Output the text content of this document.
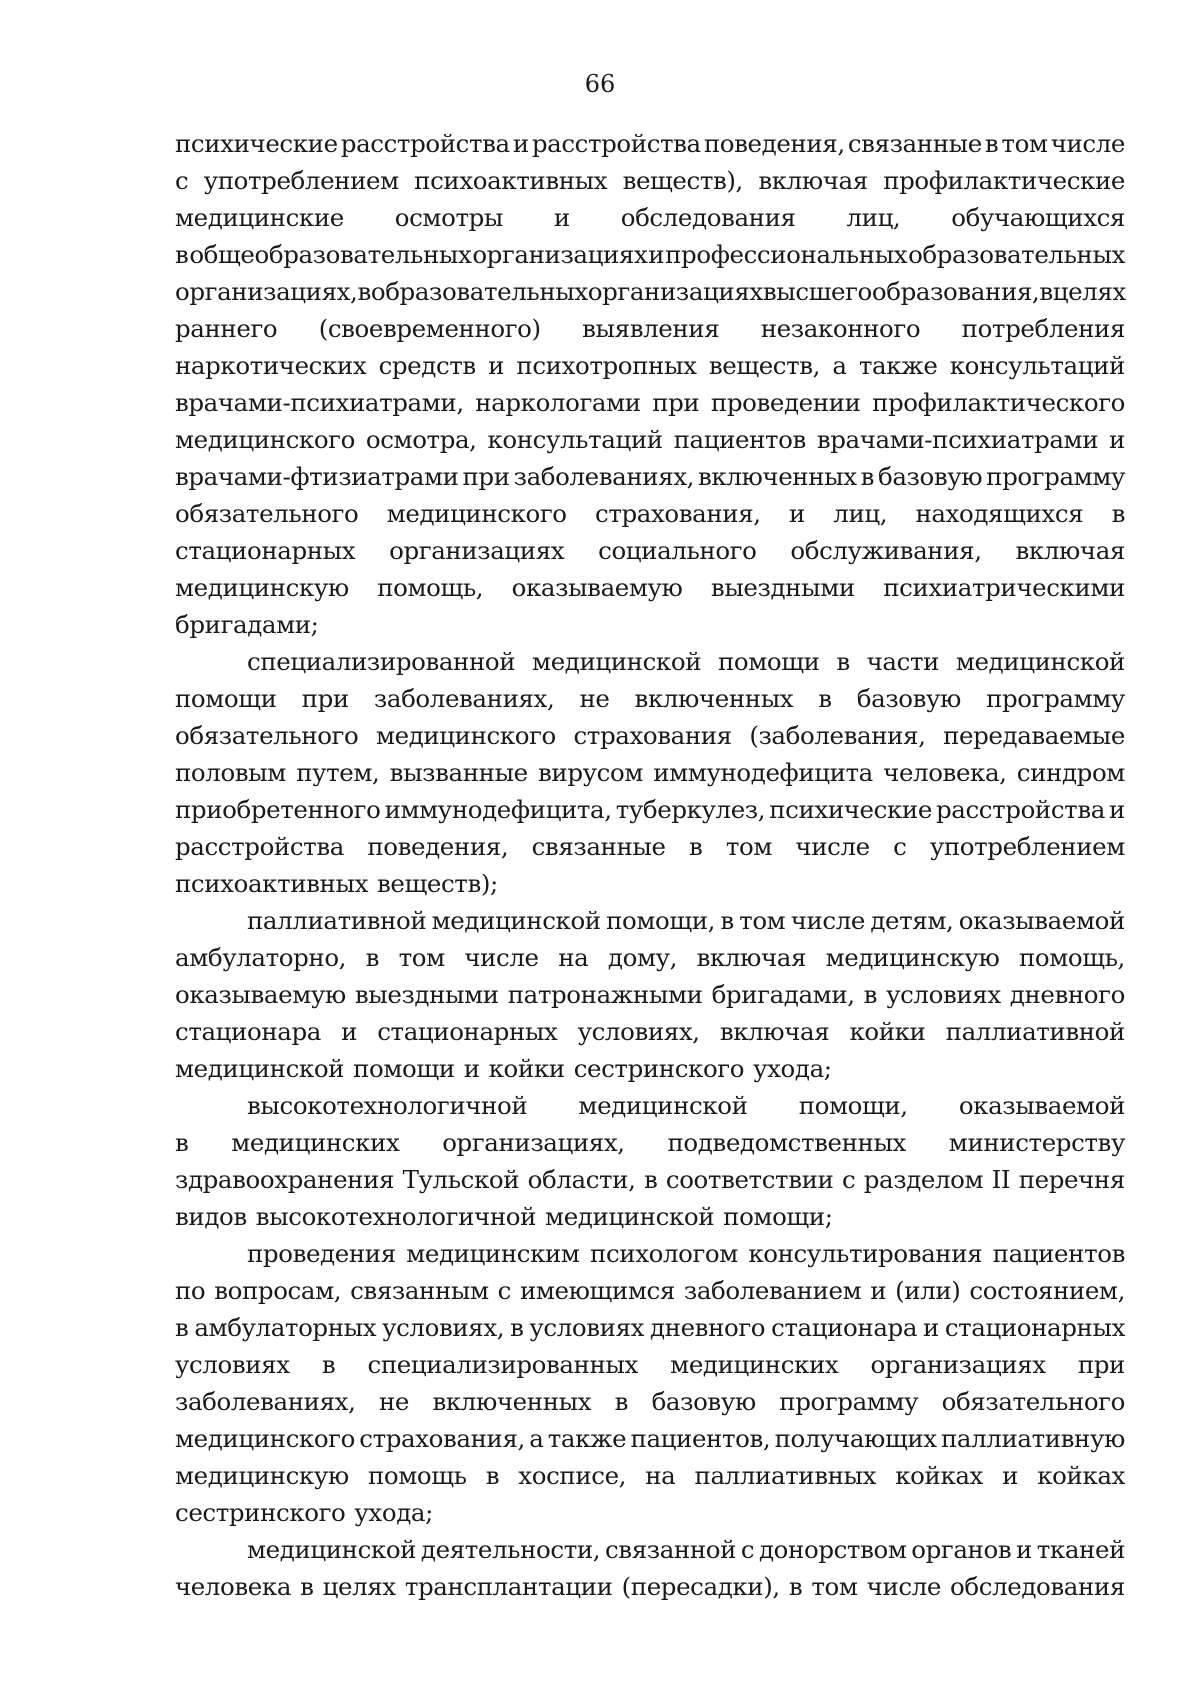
66
психические расстройства и расстройства поведения, связанные в том числе
с употреблением психоактивных веществ), включая профилактические
медицинские осмотры и обследования лиц, обучающихся
в общеобразовательных организациях и профессиональных образовательных
организациях, в образовательных организациях высшего образования, в целях
раннего (своевременного) выявления незаконного потребления
наркотических средств и психотропных веществ, а также консультаций
врачами-психиатрами, наркологами при проведении профилактического
медицинского осмотра, консультаций пациентов врачами-психиатрами и
врачами-фтизиатрами при заболеваниях, включенных в базовую программу
обязательного медицинского страхования, и лиц, находящихся в
стационарных организациях социального обслуживания, включая
медицинскую помощь, оказываемую выездными психиатрическими
бригадами;
специализированной медицинской помощи в части медицинской
помощи при заболеваниях, не включенных в базовую программу
обязательного медицинского страхования (заболевания, передаваемые
половым путем, вызванные вирусом иммунодефицита человека, синдром
приобретенного иммунодефицита, туберкулез, психические расстройства и
расстройства поведения, связанные в том числе с употреблением
психоактивных веществ);
паллиативной медицинской помощи, в том числе детям, оказываемой
амбулаторно, в том числе на дому, включая медицинскую помощь,
оказываемую выездными патронажными бригадами, в условиях дневного
стационара и стационарных условиях, включая койки паллиативной
медицинской помощи и койки сестринского ухода;
высокотехнологичной медицинской помощи, оказываемой
в медицинских организациях, подведомственных министерству
здравоохранения Тульской области, в соответствии с разделом II перечня
видов высокотехнологичной медицинской помощи;
проведения медицинским психологом консультирования пациентов
по вопросам, связанным с имеющимся заболеванием и (или) состоянием,
в амбулаторных условиях, в условиях дневного стационара и стационарных
условиях в специализированных медицинских организациях при
заболеваниях, не включенных в базовую программу обязательного
медицинского страхования, а также пациентов, получающих паллиативную
медицинскую помощь в хосписе, на паллиативных койках и койках
сестринского ухода;
медицинской деятельности, связанной с донорством органов и тканей
человека в целях трансплантации (пересадки), в том числе обследования
